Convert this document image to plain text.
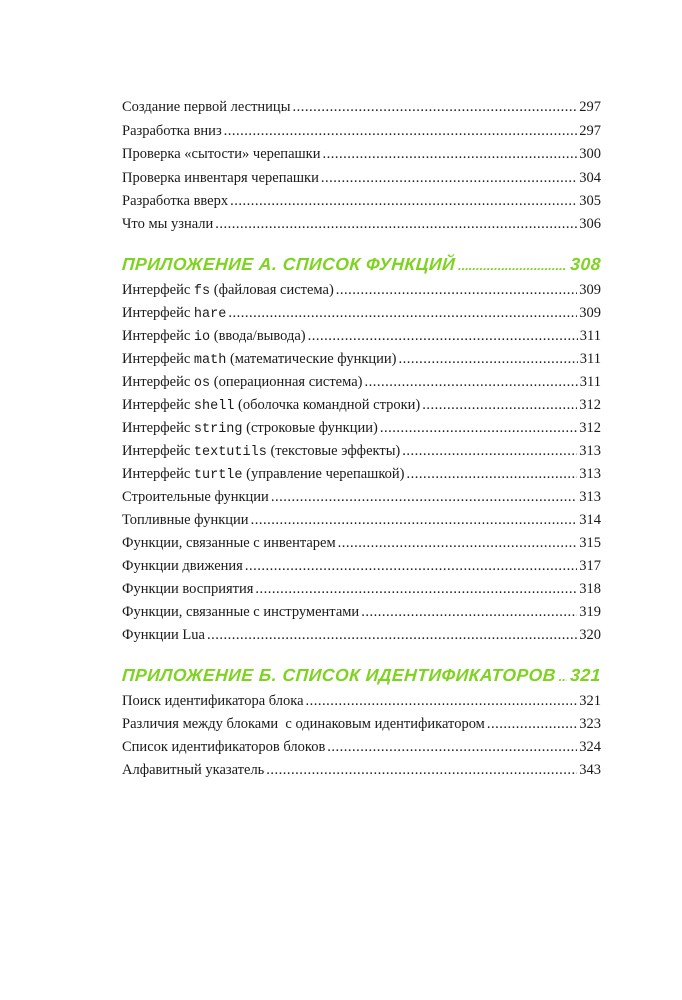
Создание первой лестницы .....	297
Разработка вниз .....	297
Проверка «сытости» черепашки .....	300
Проверка инвентаря черепашки .....	304
Разработка вверх .....	305
Что мы узнали .....	306
ПРИЛОЖЕНИЕ А. СПИСОК ФУНКЦИЙ .....	308
Интерфейс fs (файловая система) .....	309
Интерфейс hare .....	309
Интерфейс io (ввода/вывода) .....	311
Интерфейс math (математические функции) .....	311
Интерфейс os (операционная система) .....	311
Интерфейс shell (оболочка командной строки) .....	312
Интерфейс string (строковые функции) .....	312
Интерфейс textutils (текстовые эффекты) .....	313
Интерфейс turtle (управление черепашкой) .....	313
Строительные функции .....	313
Топливные функции .....	314
Функции, связанные с инвентарем .....	315
Функции движения .....	317
Функции восприятия .....	318
Функции, связанные с инструментами .....	319
Функции Lua .....	320
ПРИЛОЖЕНИЕ Б. СПИСОК ИДЕНТИФИКАТОРОВ ..... 321
Поиск идентификатора блока .....	321
Различия между блоками  с одинаковым идентификатором .....	323
Список идентификаторов блоков .....	324
Алфавитный указатель .....	343
